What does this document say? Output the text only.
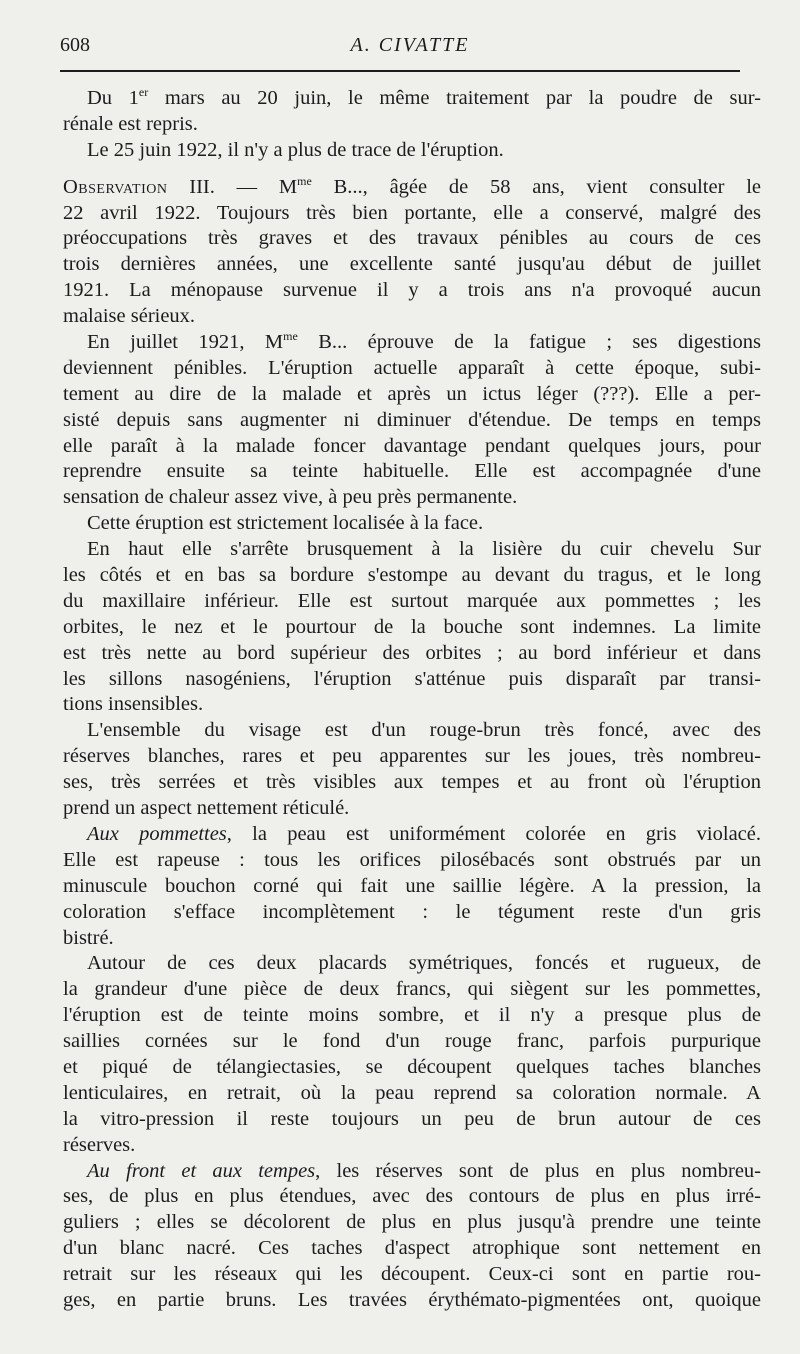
608	A. CIVATTE
Du 1er mars au 20 juin, le même traitement par la poudre de sur-
rénale est repris.
Le 25 juin 1922, il n'y a plus de trace de l'éruption.
Observation III. — $M^{me}$ B..., âgée de 58 ans, vient consulter le
22 avril 1922. Toujours très bien portante, elle a conservé, malgré des
préoccupations très graves et des travaux pénibles au cours de ces
trois dernières années, une excellente santé jusqu'au début de juillet
1921. La ménopause survenue il y a trois ans n'a provoqué aucun
malaise sérieux.
En juillet 1921, $M^{me}$ B... éprouve de la fatigue ; ses digestions
deviennent pénibles. L'éruption actuelle apparaît à cette époque, subi-
tement au dire de la malade et après un ictus léger (???). Elle a per-
sisté depuis sans augmenter ni diminuer d'étendue. De temps en temps
elle paraît à la malade foncer davantage pendant quelques jours, pour
reprendre ensuite sa teinte habituelle. Elle est accompagnée d'une
sensation de chaleur assez vive, à peu près permanente.
Cette éruption est strictement localisée à la face.
En haut elle s'arrête brusquement à la lisière du cuir chevelu Sur
les côtés et en bas sa bordure s'estompe au devant du tragus, et le long
du maxillaire inférieur. Elle est surtout marquée aux pommettes ; les
orbites, le nez et le pourtour de la bouche sont indemnes. La limite
est très nette au bord supérieur des orbites ; au bord inférieur et dans
les sillons nasogéniens, l'éruption s'atténue puis disparaît par transi-
tions insensibles.
L'ensemble du visage est d'un rouge-brun très foncé, avec des
réserves blanches, rares et peu apparentes sur les joues, très nombreu-
ses, très serrées et très visibles aux tempes et au front où l'éruption
prend un aspect nettement réticulé.
Aux pommettes, la peau est uniformément colorée en gris violacé.
Elle est rapeuse : tous les orifices pilosébacés sont obstrués par un
minuscule bouchon corné qui fait une saillie légère. A la pression, la
coloration s'efface incomplètement : le tégument reste d'un gris
bistré.
Autour de ces deux placards symétriques, foncés et rugueux, de
la grandeur d'une pièce de deux francs, qui siègent sur les pommettes,
l'éruption est de teinte moins sombre, et il n'y a presque plus de
saillies cornées sur le fond d'un rouge franc, parfois purpurique
et piqué de télangiectasies, se découpent quelques taches blanches
lenticulaires, en retrait, où la peau reprend sa coloration normale. A
la vitro-pression il reste toujours un peu de brun autour de ces
réserves.
Au front et aux tempes, les réserves sont de plus en plus nombreu-
ses, de plus en plus étendues, avec des contours de plus en plus irré-
guliers ; elles se décolorent de plus en plus jusqu'à prendre une teinte
d'un blanc nacré. Ces taches d'aspect atrophique sont nettement en
retrait sur les réseaux qui les découpent. Ceux-ci sont en partie rou-
ges, en partie bruns. Les travées érythémato-pigmentées ont, quoique
